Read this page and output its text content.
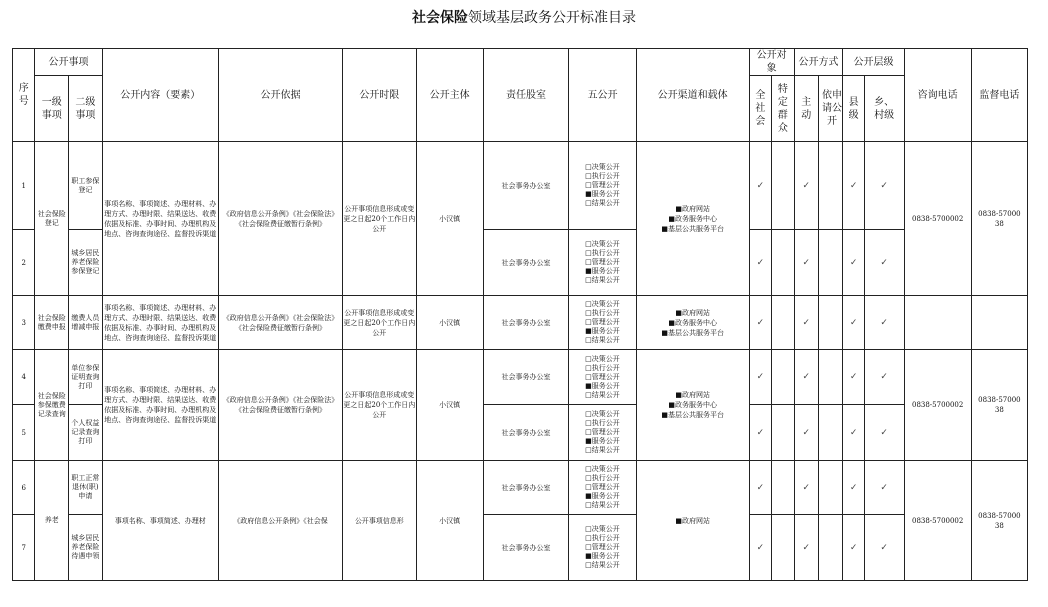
社会保险领域基层政务公开标准目录
序号	公开事项		公开内容（要素）	公开依据	公开时限	公开主体	责任股室	五公开	公开渠道和载体	公开对象		公开方式		公开层级		咨询电话	监督电话
	一级事项	二级事项								全社会	特定群众	主动	依申请公开	县级	乡、村级		
1	社会保险登记	职工参保登记	事项名称、事项简述、办理材料、办理方式、办理时限、结果送达、收费依据及标准、办事时间、办理机构及地点、咨询查询途径、监督投诉渠道	《政府信息公开条例》《社会保险法》《社会保险费征缴暂行条例》	公开事项信息形成或变更之日起20个工作日内公开	小汉镇	社会事务办公室	□ 决策公开
□ 执行公开
□ 管理公开
■ 服务公开
□ 结果公开	■ 政府网站
■ 政务服务中心
■ 基层公共服务平台	✓		✓		✓	✓	0838-5700002	0838-5700038
2		城乡居民养老保险参保登记					社会事务办公室	□ 决策公开
□ 执行公开
□ 管理公开
■ 服务公开
□ 结果公开		✓		✓		✓	✓		
3	社会保险缴费申报	缴费人员增减申报	事项名称、事项简述、办理材料、办理方式、办理时限、结果送达、收费依据及标准、办事时间、办理机构及地点、咨询查询途径、监督投诉渠道	《政府信息公开条例》《社会保险法》《社会保险费征缴暂行条例》	公开事项信息形成或变更之日起20个工作日内公开	小汉镇	社会事务办公室	□ 决策公开
□ 执行公开
□ 管理公开
■ 服务公开
□ 结果公开	■ 政府网站
■ 政务服务中心
■ 基层公共服务平台	✓		✓		✓	✓		
4	社会保险参保缴费记录查询	单位参保证明查询打印	事项名称、事项简述、办理材料、办理方式、办理时限、结果送达、收费依据及标准、办事时间、办理机构及地点、咨询查询途径、监督投诉渠道	《政府信息公开条例》《社会保险法》《社会保险费征缴暂行条例》	公开事项信息形成或变更之日起20个工作日内公开	小汉镇	社会事务办公室	□ 决策公开
□ 执行公开
□ 管理公开
■ 服务公开
□ 结果公开	■ 政府网站
■ 政务服务中心
■ 基层公共服务平台	✓		✓		✓	✓	0838-5700002	0838-5700038
5		个人权益记录查询打印					社会事务办公室	□ 决策公开
□ 执行公开
□ 管理公开
■ 服务公开
□ 结果公开		✓		✓		✓	✓		
6	养老	职工正常退休(职)申请	事项名称、事项简述、办理材	《政府信息公开条例》《社会保	公开事项信息形	小汉镇	社会事务办公室	□ 决策公开
□ 执行公开
□ 管理公开
■ 服务公开
□ 结果公开	■ 政府网站	✓		✓		✓	✓	0838-5700002	0838-5700038
7		城乡居民养老保险待遇申领					社会事务办公室	□ 决策公开
□ 执行公开
□ 管理公开
■ 服务公开
□ 结果公开		✓		✓		✓	✓		
